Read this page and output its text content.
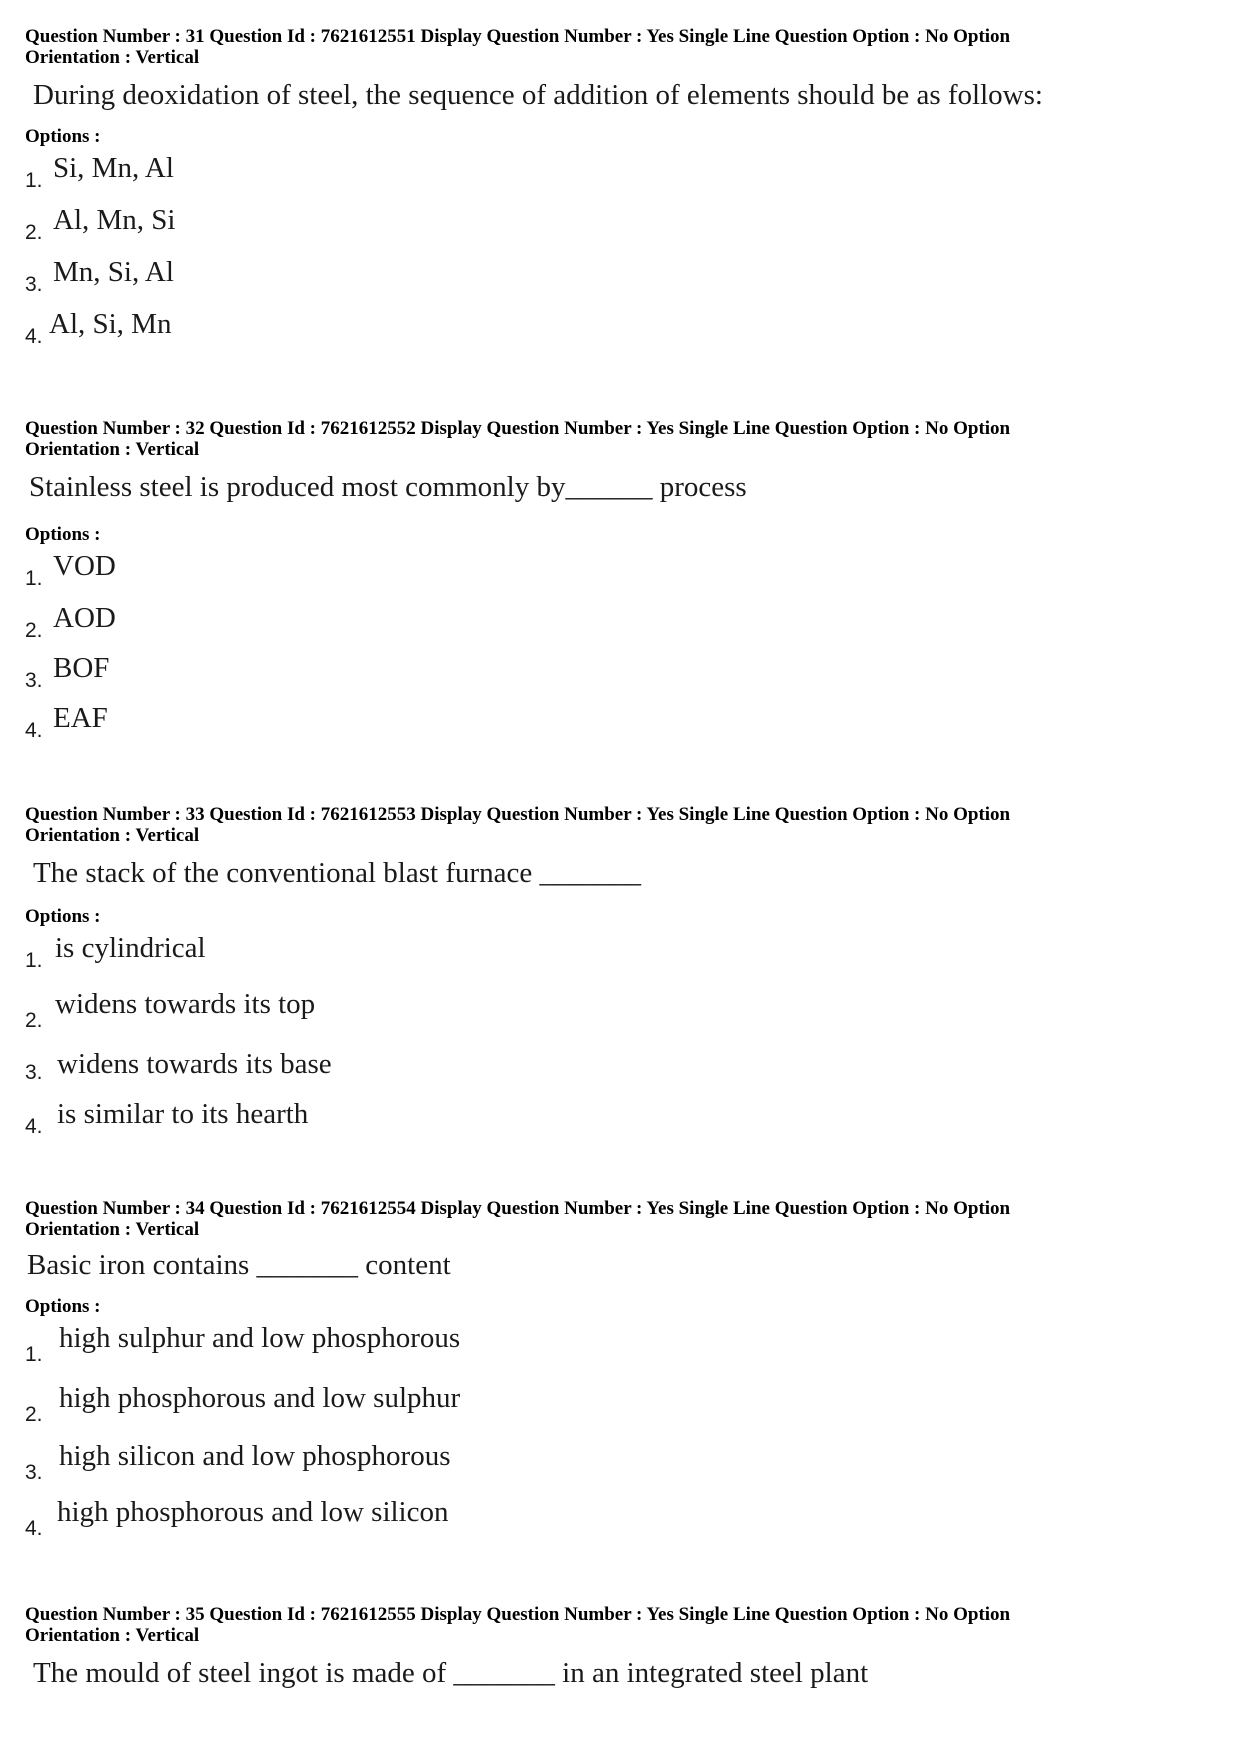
Question Number : 31 Question Id : 7621612551 Display Question Number : Yes Single Line Question Option : No Option

Orientation : Vertical

During deoxidation of steel, the sequence of addition of elements should be as follows:

Options :

1. Si, Mn, Al
2. Al, Mn, Si
3. Mn, Si, Al
4. Al, Si, Mn

Question Number : 32 Question Id : 7621612552 Display Question Number : Yes Single Line Question Option : No Option

Orientation : Vertical

Stainless steel is produced most commonly by______ process

Options :

1. VOD
2. AOD
3. BOF
4. EAF

Question Number : 33 Question Id : 7621612553 Display Question Number : Yes Single Line Question Option : No Option

Orientation : Vertical

The stack of the conventional blast furnace _______

Options :

1. is cylindrical
2.
widens towards its top
3. widens towards its base
4. is similar to its hearth

Question Number : 34 Question Id : 7621612554 Display Question Number : Yes Single Line Question Option : No Option

Orientation : Vertical

Basic iron contains _______ content

Options :

1.
high sulphur and low phosphorous
2.
high phosphorous and low sulphur
3.
high silicon and low phosphorous
4.
high phosphorous and low silicon

Question Number : 35 Question Id : 7621612555 Display Question Number : Yes Single Line Question Option : No Option

Orientation : Vertical

The mould of steel ingot is made of _______ in an integrated steel plant
